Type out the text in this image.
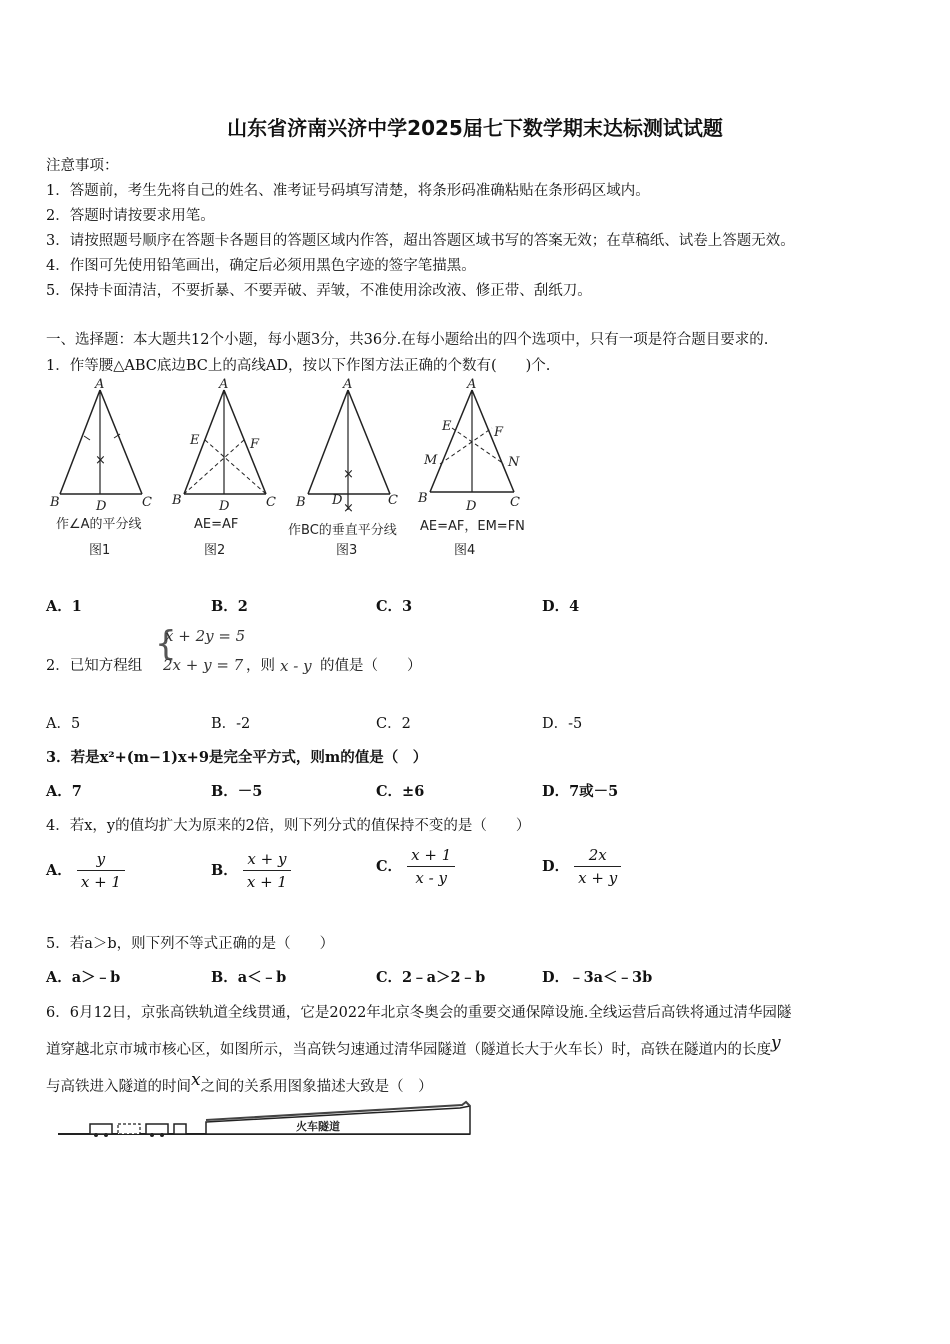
山东省济南兴济中学2025届七下数学期末达标测试试题
注意事项：
1．答题前，考生先将自己的姓名、准考证号码填写清楚，将条形码准确粘贴在条形码区域内。
2．答题时请按要求用笔。
3．请按照题号顺序在答题卡各题目的答题区域内作答，超出答题区域书写的答案无效；在草稿纸、试卷上答题无效。
4．作图可先使用铅笔画出，确定后必须用黑色字迹的签字笔描黑。
5．保持卡面清洁，不要折暴、不要弄破、弄皱，不准使用涂改液、修正带、刮纸刀。
一、选择题：本大题共12个小题，每小题3分，共36分.在每小题给出的四个选项中，只有一项是符合题目要求的.
1．作等腰△ABC底边BC上的高线AD，按以下作图方法正确的个数有(　　)个.
×
A
B	C
D
作∠A的平分线
图1
A
E	F
B	C
D
AE=AF
图2
×
×
A
B	C
D
作BC的垂直平分线
图3
A
E	F
M	N
B	C
D
AE=AF，EM=FN
图4
A．1	B．2	C．3	D．4
2．已知方程组
{
x + 2y = 5
2x + y = 7 ，则 x - y 的值是（　　）
A．5	B．-2	C．2	D．-5
3．若是x²+(m−1)x+9是完全平方式，则m的值是（　）
A．7	B．－5	C．±6	D．7或－5
4．若x，y的值均扩大为原来的2倍，则下列分式的值保持不变的是（　　）
A． $\frac{y}{x + 1}$	B． $\frac{x + y}{x + 1}$	C． $\frac{x + 1}{x - y}$	D． $\frac{2x}{x + y}$
5．若a＞b，则下列不等式正确的是（　　）
A．a＞﹣b	B．a＜﹣b	C．2﹣a＞2﹣b	D．﹣3a＜﹣3b
6．6月12日，京张高铁轨道全线贯通，它是2022年北京冬奥会的重要交通保障设施.全线运营后高铁将通过清华园隧
道穿越北京市城市核心区，如图所示，当高铁匀速通过清华园隧道（隧道长大于火车长）时，高铁在隧道内的长度y
与高铁进入隧道的时间x之间的关系用图象描述大致是（　）
火车隧道
